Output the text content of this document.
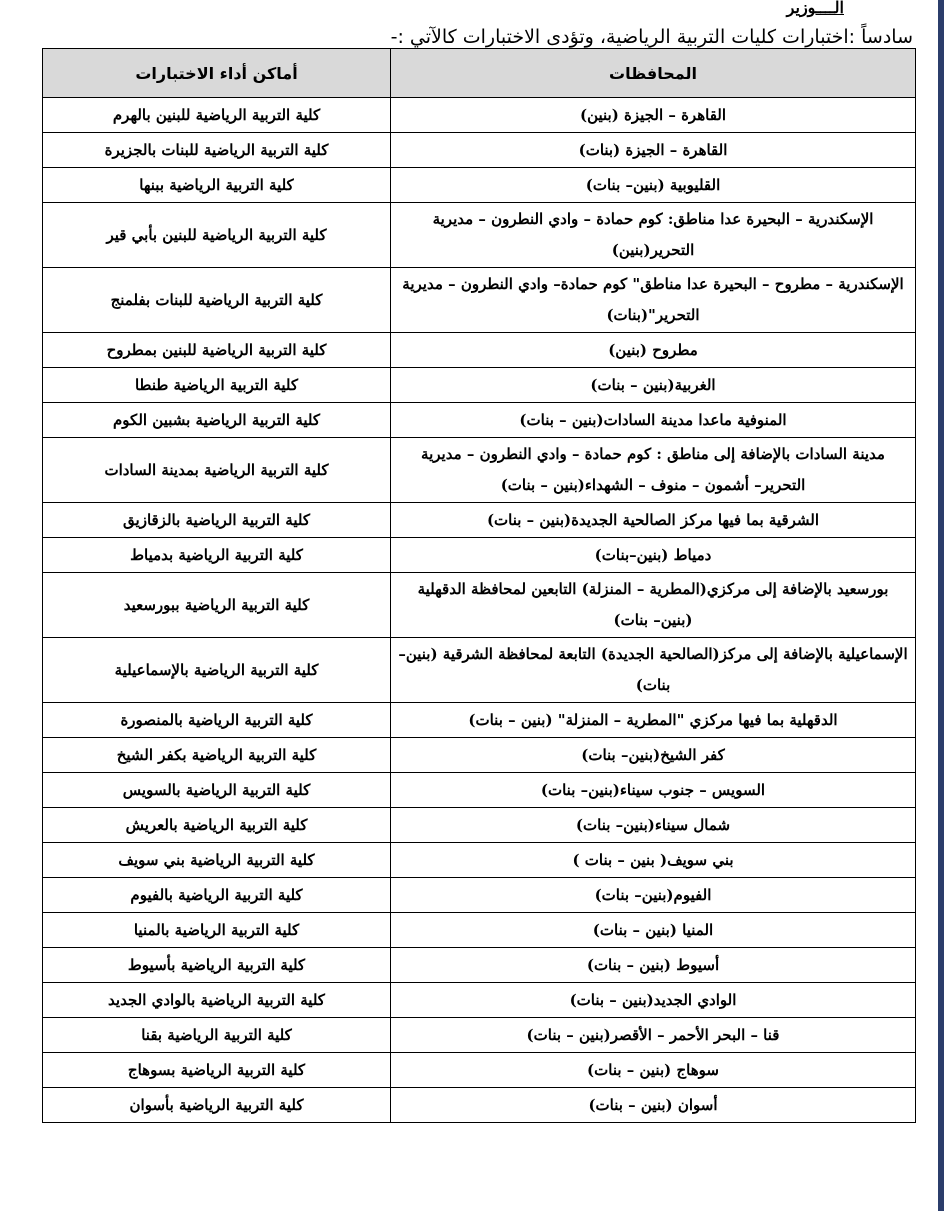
الــــوزير
سادساً :اختبارات كليات التربية الرياضية، وتؤدى الاختبارات كالآتي :-
المحافظات	أماكن أداء الاختبارات
القاهرة – الجيزة (بنين)	كلية التربية الرياضية للبنين بالهرم
القاهرة – الجيزة (بنات)	كلية التربية الرياضية للبنات بالجزيرة
القليوبية (بنين– بنات)	كلية التربية الرياضية ببنها
الإسكندرية – البحيرة عدا مناطق: كوم حمادة – وادي النطرون – مديرية التحرير(بنين)	كلية التربية الرياضية للبنين بأبي قير
الإسكندرية – مطروح – البحيرة عدا مناطق" كوم حمادة– وادي النطرون – مديرية التحرير"(بنات)	كلية التربية الرياضية للبنات بفلمنج
مطروح (بنين)	كلية التربية الرياضية للبنين بمطروح
الغربية(بنين – بنات)	كلية التربية الرياضية طنطا
المنوفية ماعدا مدينة السادات(بنين – بنات)	كلية التربية الرياضية بشبين الكوم
مدينة السادات بالإضافة إلى مناطق : كوم حمادة – وادي النطرون – مديرية التحرير– أشمون – منوف – الشهداء(بنين – بنات)	كلية التربية الرياضية بمدينة السادات
الشرقية بما فيها مركز الصالحية الجديدة(بنين – بنات)	كلية التربية الرياضية بالزقازيق
دمياط (بنين–بنات)	كلية التربية الرياضية بدمياط
بورسعيد بالإضافة إلى مركزي(المطرية – المنزلة) التابعين لمحافظة الدقهلية (بنين– بنات)	كلية التربية الرياضية ببورسعيد
الإسماعيلية بالإضافة إلى مركز(الصالحية الجديدة) التابعة لمحافظة الشرقية (بنين– بنات)	كلية التربية الرياضية بالإسماعيلية
الدقهلية بما فيها مركزي "المطرية – المنزلة" (بنين – بنات)	كلية التربية الرياضية بالمنصورة
كفر الشيخ(بنين– بنات)	كلية التربية الرياضية بكفر الشيخ
السويس – جنوب سيناء(بنين– بنات)	كلية التربية الرياضية بالسويس
شمال سيناء(بنين– بنات)	كلية التربية الرياضية بالعريش
بني سويف( بنين – بنات )	كلية التربية الرياضية بني سويف
الفيوم(بنين– بنات)	كلية التربية الرياضية بالفيوم
المنيا (بنين – بنات)	كلية التربية الرياضية بالمنيا
أسيوط (بنين – بنات)	كلية التربية الرياضية بأسيوط
الوادي الجديد(بنين – بنات)	كلية التربية الرياضية بالوادي الجديد
قنا – البحر الأحمر – الأقصر(بنين – بنات)	كلية التربية الرياضية بقنا
سوهاج (بنين – بنات)	كلية التربية الرياضية بسوهاج
أسوان (بنين – بنات)	كلية التربية الرياضية بأسوان
